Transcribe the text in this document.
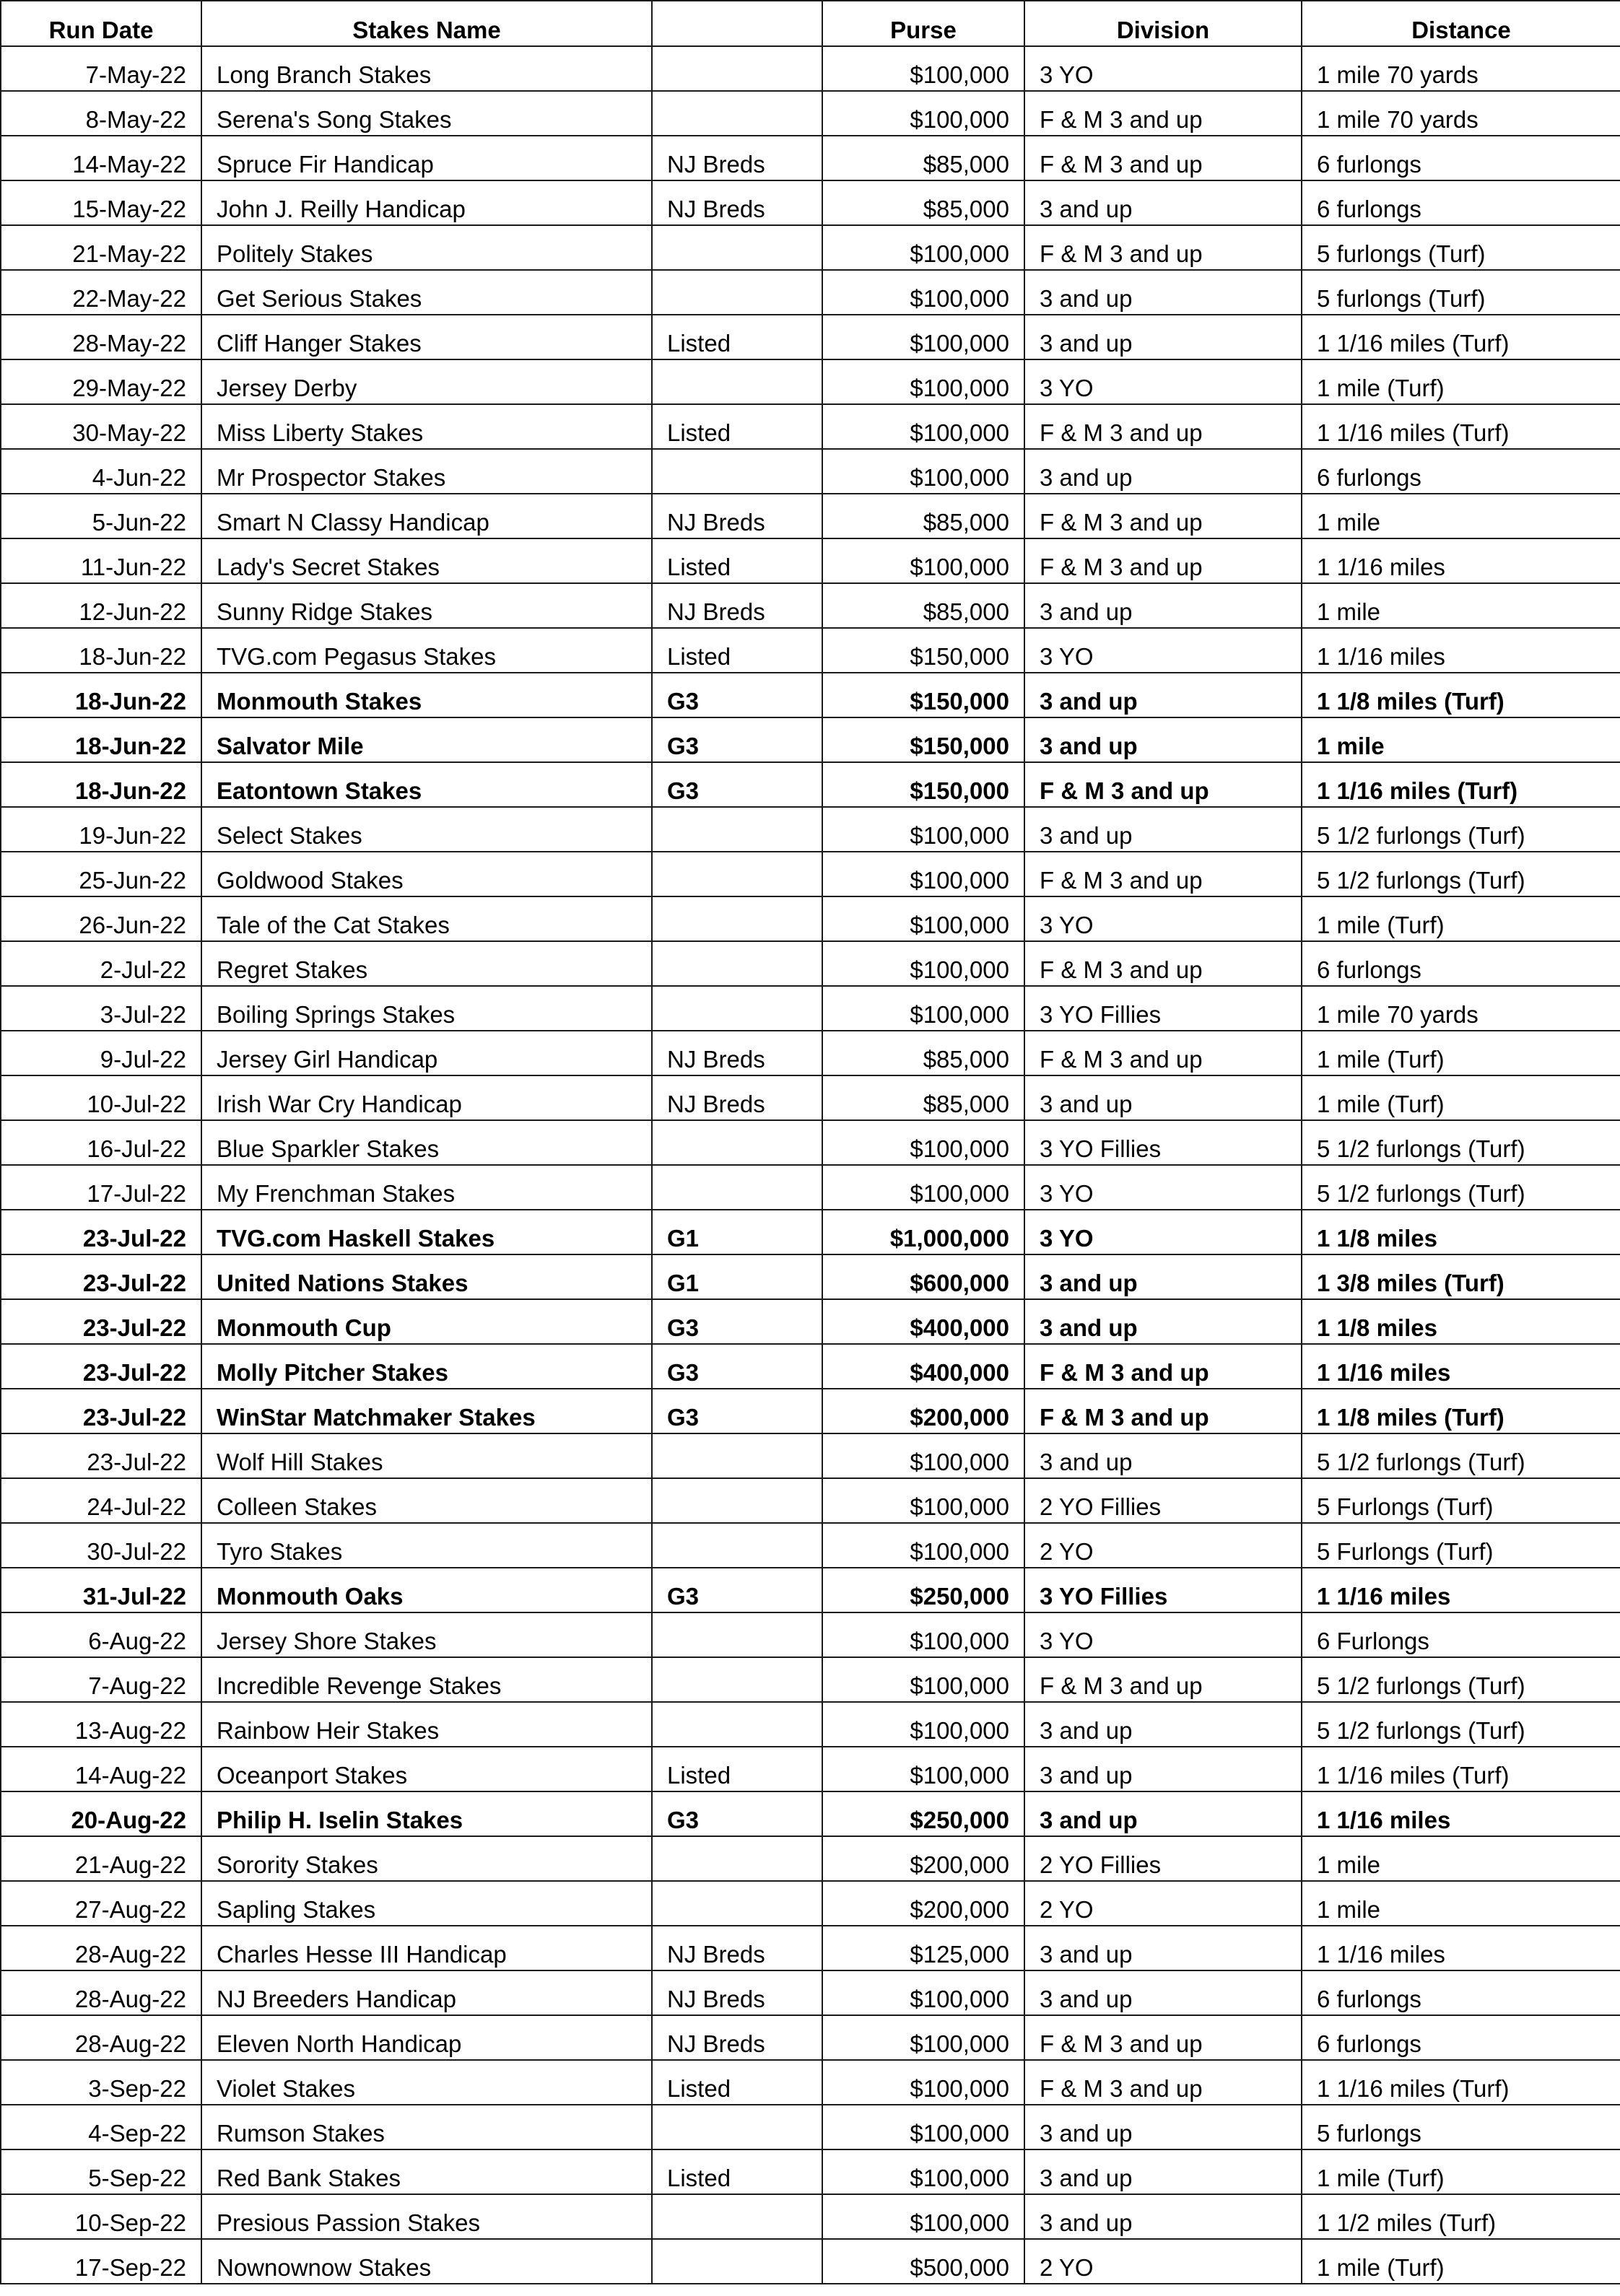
Run Date	Stakes Name		Purse	Division	Distance
7-May-22	Long Branch Stakes		$100,000	3 YO	1 mile 70 yards
8-May-22	Serena's Song Stakes		$100,000	F & M 3 and up	1 mile 70 yards
14-May-22	Spruce Fir Handicap	NJ Breds	$85,000	F & M 3 and up	6 furlongs
15-May-22	John J. Reilly Handicap	NJ Breds	$85,000	3 and up	6 furlongs
21-May-22	Politely Stakes		$100,000	F & M 3 and up	5 furlongs (Turf)
22-May-22	Get Serious Stakes		$100,000	3 and up	5 furlongs (Turf)
28-May-22	Cliff Hanger Stakes	Listed	$100,000	3 and up	1 1/16 miles (Turf)
29-May-22	Jersey Derby		$100,000	3 YO	1 mile (Turf)
30-May-22	Miss Liberty Stakes	Listed	$100,000	F & M 3 and up	1 1/16 miles (Turf)
4-Jun-22	Mr Prospector Stakes		$100,000	3 and up	6 furlongs
5-Jun-22	Smart N Classy Handicap	NJ Breds	$85,000	F & M 3 and up	1 mile
11-Jun-22	Lady's Secret Stakes	Listed	$100,000	F & M 3 and up	1 1/16 miles
12-Jun-22	Sunny Ridge Stakes	NJ Breds	$85,000	3 and up	1 mile
18-Jun-22	TVG.com Pegasus Stakes	Listed	$150,000	3 YO	1 1/16 miles
18-Jun-22	Monmouth Stakes	G3	$150,000	3 and up	1 1/8 miles (Turf)
18-Jun-22	Salvator Mile	G3	$150,000	3 and up	1 mile
18-Jun-22	Eatontown Stakes	G3	$150,000	F & M 3 and up	1 1/16 miles (Turf)
19-Jun-22	Select Stakes		$100,000	3 and up	5 1/2 furlongs (Turf)
25-Jun-22	Goldwood Stakes		$100,000	F & M 3 and up	5 1/2 furlongs (Turf)
26-Jun-22	Tale of the Cat Stakes		$100,000	3 YO	1 mile (Turf)
2-Jul-22	Regret Stakes		$100,000	F & M 3 and up	6 furlongs
3-Jul-22	Boiling Springs Stakes		$100,000	3 YO Fillies	1 mile 70 yards
9-Jul-22	Jersey Girl Handicap	NJ Breds	$85,000	F & M 3 and up	1 mile (Turf)
10-Jul-22	Irish War Cry Handicap	NJ Breds	$85,000	3 and up	1 mile (Turf)
16-Jul-22	Blue Sparkler Stakes		$100,000	3 YO Fillies	5 1/2 furlongs (Turf)
17-Jul-22	My Frenchman Stakes		$100,000	3 YO	5 1/2 furlongs (Turf)
23-Jul-22	TVG.com Haskell Stakes	G1	$1,000,000	3 YO	1 1/8 miles
23-Jul-22	United Nations Stakes	G1	$600,000	3 and up	1 3/8 miles (Turf)
23-Jul-22	Monmouth Cup	G3	$400,000	3 and up	1 1/8 miles
23-Jul-22	Molly Pitcher Stakes	G3	$400,000	F & M 3 and up	1 1/16 miles
23-Jul-22	WinStar Matchmaker Stakes	G3	$200,000	F & M 3 and up	1 1/8 miles (Turf)
23-Jul-22	Wolf Hill Stakes		$100,000	3 and up	5 1/2 furlongs (Turf)
24-Jul-22	Colleen Stakes		$100,000	2 YO Fillies	5 Furlongs (Turf)
30-Jul-22	Tyro Stakes		$100,000	2 YO	5 Furlongs (Turf)
31-Jul-22	Monmouth Oaks	G3	$250,000	3 YO Fillies	1 1/16 miles
6-Aug-22	Jersey Shore Stakes		$100,000	3 YO	6 Furlongs
7-Aug-22	Incredible Revenge Stakes		$100,000	F & M 3 and up	5 1/2 furlongs (Turf)
13-Aug-22	Rainbow Heir Stakes		$100,000	3 and up	5 1/2 furlongs (Turf)
14-Aug-22	Oceanport Stakes	Listed	$100,000	3 and up	1 1/16 miles (Turf)
20-Aug-22	Philip H. Iselin Stakes	G3	$250,000	3 and up	1 1/16 miles
21-Aug-22	Sorority Stakes		$200,000	2 YO Fillies	1 mile
27-Aug-22	Sapling Stakes		$200,000	2 YO	1 mile
28-Aug-22	Charles Hesse III Handicap	NJ Breds	$125,000	3 and up	1 1/16 miles
28-Aug-22	NJ Breeders Handicap	NJ Breds	$100,000	3 and up	6 furlongs
28-Aug-22	Eleven North Handicap	NJ Breds	$100,000	F & M 3 and up	6 furlongs
3-Sep-22	Violet Stakes	Listed	$100,000	F & M 3 and up	1 1/16 miles (Turf)
4-Sep-22	Rumson Stakes		$100,000	3 and up	5 furlongs
5-Sep-22	Red Bank Stakes	Listed	$100,000	3 and up	1 mile (Turf)
10-Sep-22	Presious Passion Stakes		$100,000	3 and up	1 1/2 miles (Turf)
17-Sep-22	Nownownow Stakes		$500,000	2 YO	1 mile (Turf)
